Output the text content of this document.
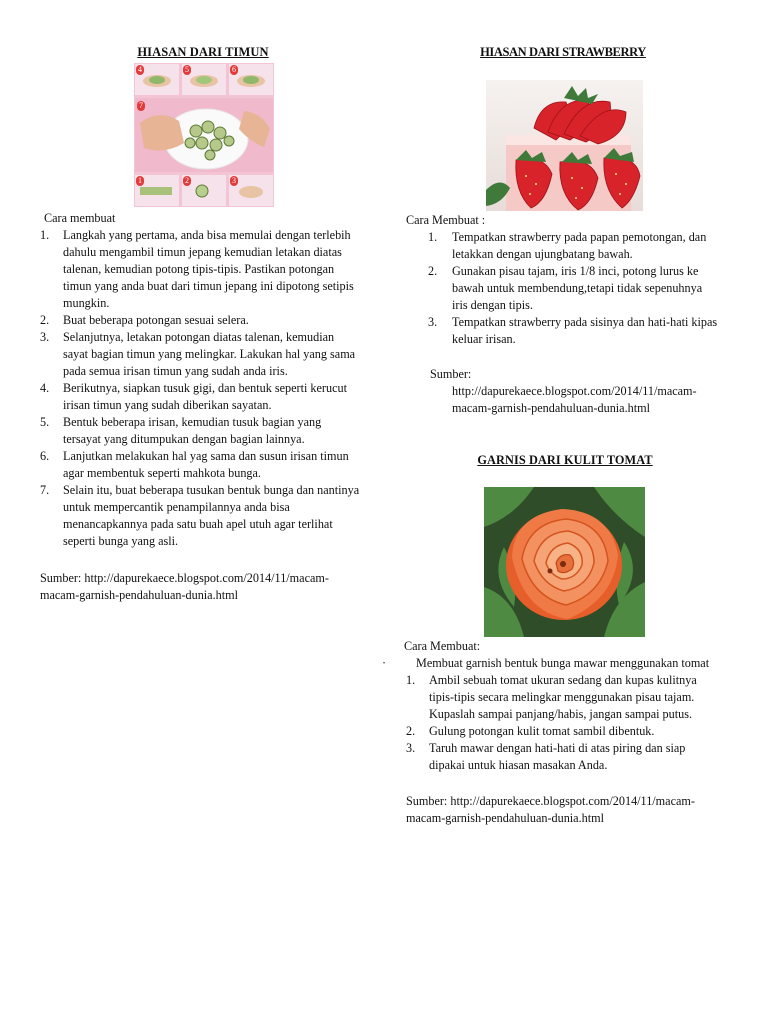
HIASAN DARI TIMUN
4	5	6
7
1	2	3
Cara membuat
1. Langkah yang pertama, anda bisa memulai dengan terlebih dahulu mengambil timun jepang kemudian letakan diatas talenan, kemudian potong tipis-tipis. Pastikan potongan timun yang anda buat dari timun jepang ini dipotong setipis mungkin.
2. Buat beberapa potongan sesuai selera.
3. Selanjutnya, letakan potongan diatas talenan, kemudian sayat bagian timun yang melingkar. Lakukan hal yang sama pada semua irisan timun yang sudah anda iris.
4. Berikutnya, siapkan tusuk gigi, dan bentuk seperti kerucut irisan timun yang sudah diberikan sayatan.
5. Bentuk beberapa irisan, kemudian tusuk bagian yang tersayat yang ditumpukan dengan bagian lainnya.
6. Lanjutkan melakukan hal yag sama dan susun irisan timun agar membentuk seperti mahkota bunga.
7. Selain itu, buat beberapa tusukan bentuk bunga dan nantinya untuk mempercantik penampilannya anda bisa menancapkannya pada satu buah apel utuh agar terlihat seperti bunga yang asli.

Sumber: http://dapurekaece.blogspot.com/2014/11/macam-macam-garnish-pendahuluan-dunia.html

HIASAN DARI STRAWBERRY
Cara Membuat :
1. Tempatkan strawberry pada papan pemotongan, dan letakkan dengan ujungbatang bawah.
2. Gunakan pisau tajam, iris 1/8 inci, potong lurus ke bawah untuk membendung,tetapi tidak sepenuhnya iris dengan tipis.
3. Tempatkan strawberry pada sisinya dan hati-hati kipas keluar irisan.
Sumber:

http://dapurekaece.blogspot.com/2014/11/macam-macam-garnish-pendahuluan-dunia.html

GARNIS DARI KULIT TOMAT
Cara Membuat:
· Membuat garnish bentuk bunga mawar menggunakan tomat
1. Ambil sebuah tomat ukuran sedang dan kupas kulitnya tipis-tipis secara melingkar menggunakan pisau tajam. Kupaslah sampai panjang/habis, jangan sampai putus.
2. Gulung potongan kulit tomat sambil dibentuk.
3. Taruh mawar dengan hati-hati di atas piring dan siap dipakai untuk hiasan masakan Anda.

Sumber: http://dapurekaece.blogspot.com/2014/11/macam-macam-garnish-pendahuluan-dunia.html
